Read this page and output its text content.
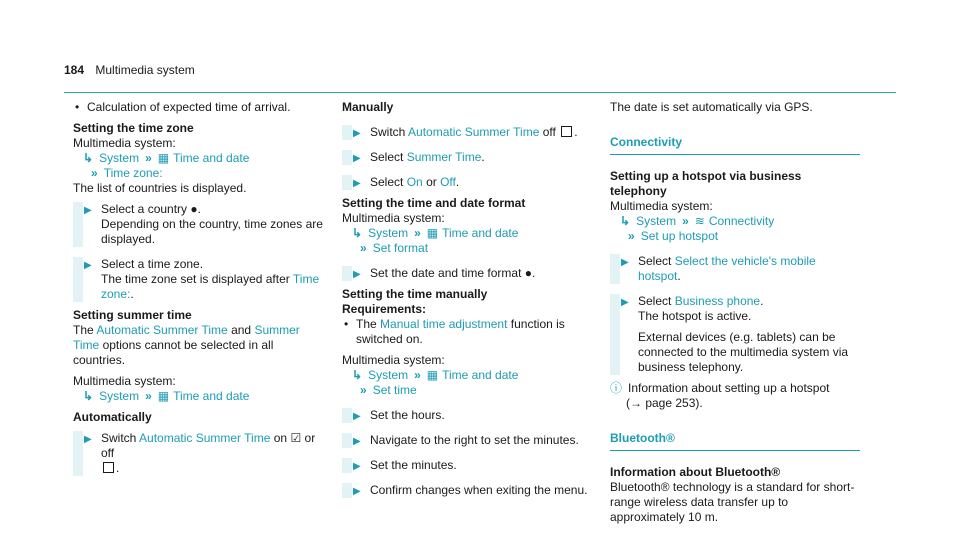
184 Multimedia system

• Calculation of expected time of arrival.

Setting the time zone

Multimedia system:

↳ System » ▦ Time and date

» Time zone:

The list of countries is displayed.

▶ Select a country ●.

Depending on the country, time zones are displayed.

▶ Select a time zone.

The time zone set is displayed after Time zone:.

Setting summer time

The Automatic Summer Time and Summer Time options cannot be selected in all countries.

Multimedia system:

↳ System » ▦ Time and date

Automatically

▶ Switch Automatic Summer Time on ☑ or off

.

Manually

▶ Switch Automatic Summer Time off .

▶ Select Summer Time.

▶ Select On or Off.

Setting the time and date format

Multimedia system:

↳ System » ▦ Time and date

» Set format

▶ Set the date and time format ●.

Setting the time manually

Requirements:

• The Manual time adjustment function is switched on.

Multimedia system:

↳ System » ▦ Time and date

» Set time

▶ Set the hours.

▶ Navigate to the right to set the minutes.

▶ Set the minutes.

▶ Confirm changes when exiting the menu.

The date is set automatically via GPS.

Connectivity

Setting up a hotspot via business telephony

Multimedia system:

↳ System » ≋ Connectivity

» Set up hotspot

▶ Select Select the vehicle's mobile hotspot.

▶ Select Business phone.

The hotspot is active.

External devices (e.g. tablets) can be connected to the multimedia system via business telephony.

ⓘ Information about setting up a hotspot

(→ page 253).

Bluetooth®

Information about Bluetooth®

Bluetooth® technology is a standard for short-range wireless data transfer up to approximately 10 m.
